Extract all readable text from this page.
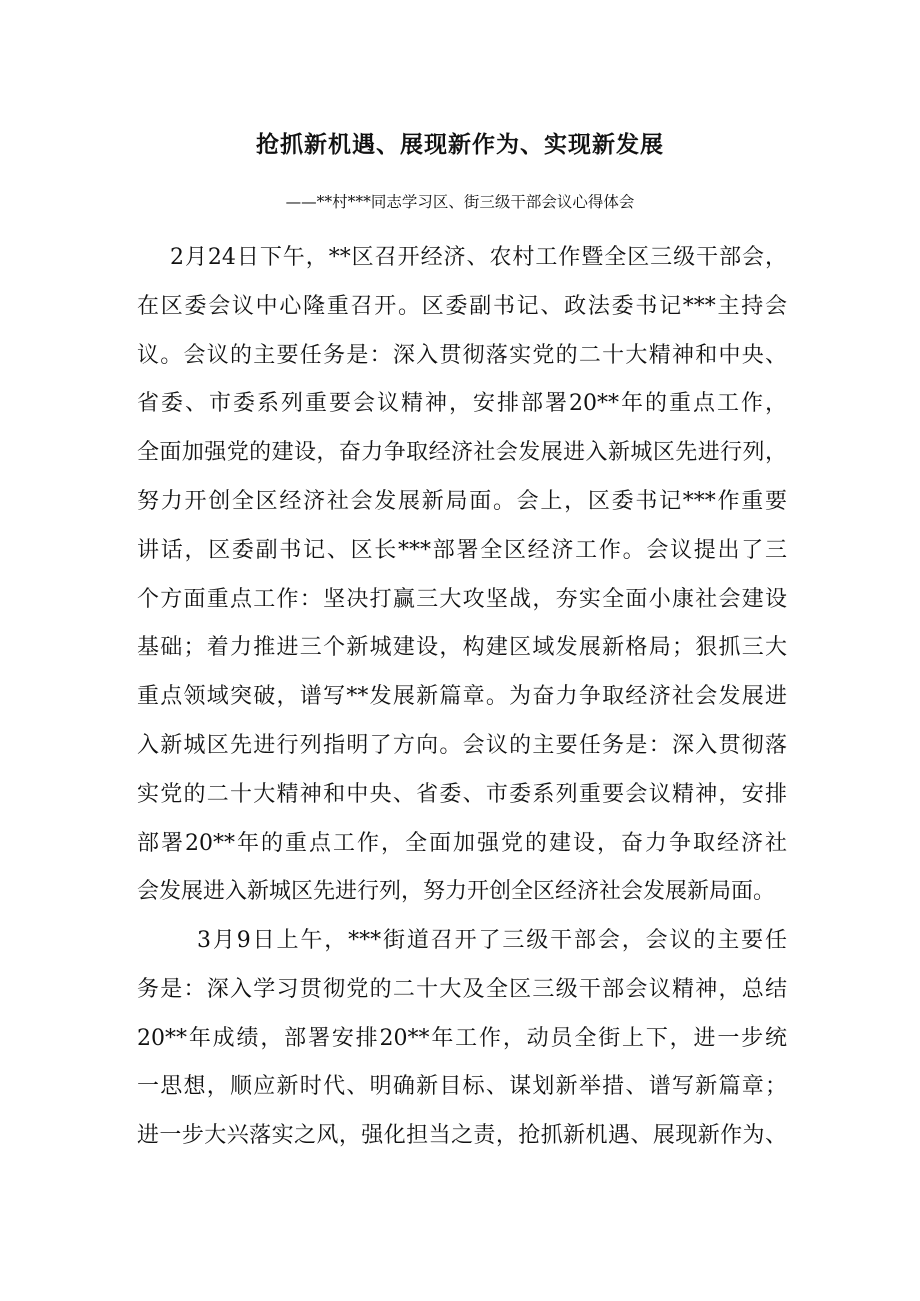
抢抓新机遇、展现新作为、实现新发展

——**村***同志学习区、街三级干部会议心得体会

2月24日下午，**区召开经济、农村工作暨全区三级干部会，
在区委会议中心隆重召开。区委副书记、政法委书记***主持会
议。会议的主要任务是：深入贯彻落实党的二十大精神和中央、
省委、市委系列重要会议精神，安排部署20**年的重点工作，
全面加强党的建设，奋力争取经济社会发展进入新城区先进行列，
努力开创全区经济社会发展新局面。会上，区委书记***作重要
讲话，区委副书记、区长***部署全区经济工作。会议提出了三
个方面重点工作：坚决打赢三大攻坚战，夯实全面小康社会建设
基础；着力推进三个新城建设，构建区域发展新格局；狠抓三大
重点领域突破，谱写**发展新篇章。为奋力争取经济社会发展进
入新城区先进行列指明了方向。会议的主要任务是：深入贯彻落
实党的二十大精神和中央、省委、市委系列重要会议精神，安排
部署20**年的重点工作，全面加强党的建设，奋力争取经济社
会发展进入新城区先进行列，努力开创全区经济社会发展新局面。
3月9日上午，***街道召开了三级干部会，会议的主要任
务是：深入学习贯彻党的二十大及全区三级干部会议精神，总结
20**年成绩，部署安排20**年工作，动员全街上下，进一步统
一思想，顺应新时代、明确新目标、谋划新举措、谱写新篇章；
进一步大兴落实之风，强化担当之责，抢抓新机遇、展现新作为、
